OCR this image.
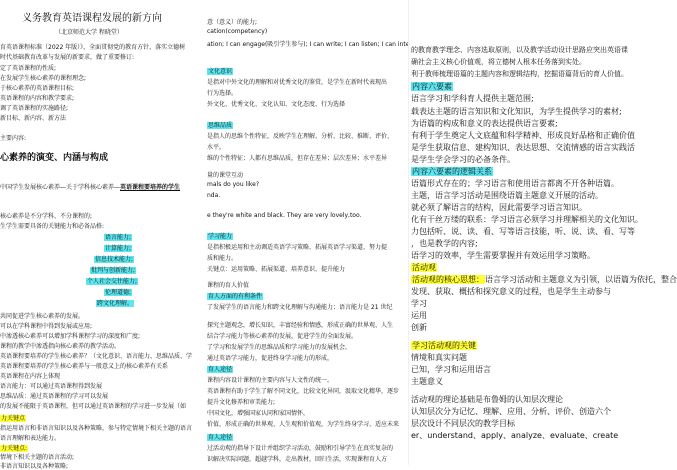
义务教育英语课程发展的新方向
（北京师范大学 程晓堂）
育英语课程标准（2022 年版）》，全面贯彻党的教育方针，落实立德树
时代基础教育改革与发展的新要求，做了重要修订:
定了英语课程的性质;
在发展学生核心素养的课程理念;
于核心素养的英语课程目标;
英语课程的内容和教学要求;
调了英语课程的实施路径;
新目标、新内容、新方法
主要内容:
心素养的演变、内涵与构成
中国学生发展核心素养—关于学科核心素养—英语课程要培养的学生
核心素养是不分学科、不分课程的;
生学生需要具备的关键能力和必备品格:
语言能力;
计算能力;
信息技术能力;
批判与创新能力;
个人社会交往能力;
伦理道德;
跨文化理解。
共同促进学生核心素养的发展。
可以在学科课程中得到发展或应用;
中渗透核心素养可以增加学科课程学习的深度和广度;
课程的教学中渗透指向核心素养的教学活动。
英语课程要培养的学生核心素养？（文化意识、语言能力、思维品质、学
英语课程要培养的学生核心素养与一般意义上的核心素养有关系
英语课程在内容上体现
语言能力：可以通过英语课程得到发展
思维品质：通过英语课程的学习可以发展
的发展不能限于英语课程，但可以通过英语课程的学习进一步发展（如
力关键点
指运用语言和非语言知识以及各种策略，参与特定情境下相关主题的语言
语言理解和表达能力。
力关键点:
情境下相关主题的语言活动;
非语言知识以及各种策略;
意（意义）的能力;
cation(competency)
ation; I can engage(吸引学生参与); I can write; I can listen; I can inte
文化意识
是指对中外文化的理解和对优秀文化的鉴赏，是学生在新时代表现出
行为选择。
外文化、优秀文化、文化认知、文化态度、行为选择
思维品质
是指人的思维个性特征，反映学生在理解、分析、比较、推断、评价、
水平。
维的个性特征；人都有思维品质，但存在差异；层次差异；水平差异
量的课堂互动
mals do you like?
nda.
e they're white and black. They are very lovely,too.
学习能力
是指积极运用和主动调适英语学习策略、拓展英语学习渠道、努力提
质和能力。
关键点：运用策略、拓展渠道、培养意识、提升能力
课程的育人价值
育人方面的有利条件
了发展学生的语言能力和跨文化理解与沟通能力；语言能力是 21 世纪
探究主题观念，增长知识，丰富经验和情感，形成正确的世界观、人生
结合学习能力等核心素养的发展，促进学生的全面发展。
了学习和发展学生的思维品质和学习能力的发展机会，
通过英语学习能力，促进终身学习能力的形成，
育人途径
课程内容设计课程的主要内容与人文性的统一。
英语课程有助于学生了解不同文化，比较文化异同，汲取文化精华，逐步
提升文化修养和审美能力;
中国文化，增强国家认同和家国情怀，
价值，形成正确的世界观、人生观和价值观，为学生终身学习、适应未来
育人途径
过活动观的指导下设计并组织学习活动，鼓励和引导学生在真实复杂的
识解决实际问题，超越学科，走出教材，回归生活，实现课程育人方
的教育教学理念、内容选取原则，以及教学活动设计思路应突出英语课
确社会主义核心价值观，将立德树人根本任务落到实处。
利于教师梳理语篇的主题内容和逻辑结构，挖掘语篇背后的育人价值。
内容六要素
语言学习和学科育人提供主题范围;
载表达主题的语言知识和文化知识，为学生提供学习的素材;
为语篇的构成和意义的表达提供语言要素;
有利于学生奠定人文底蕴和科学精神、形成良好品格和正确价值
是学生获取信息、建构知识、表达思想、交流情感的语言实践活
是学生学会学习的必备条件。
内容六要素的逻辑关系
语篇形式存在的；学习语言和使用语言都离不开各种语篇。
主题，语言学习活动是围绕语篇主题意义开展的活动。
就必须了解语言的结构，因此需要学习语言知识。
化有干丝万缕的联系：学习语言必须学习并理解相关的文化知识。
力包括听、说、读、看、写等语言技能，听、说、读、看、写等
，也是教学的内容;
语学习的效率，学生需要掌握并有效运用学习策略。
活动观
活动观的核心思想：语言学习活动和主题意义为引领，以语篇为依托，整合
发现、获取、概括和探究意义的过程，也是学生主动参与
学习
运用
创新
学习活动观的关键
情境和真实问题
已知，学习和运用语言
主题意义
活动观的理论基础是布鲁姆的认知层次理论
认知层次分为记忆、理解、应用、分析、评价、创造六个
层次设计不同层次的教学目标
er、understand、apply、analyze、evaluate、create
